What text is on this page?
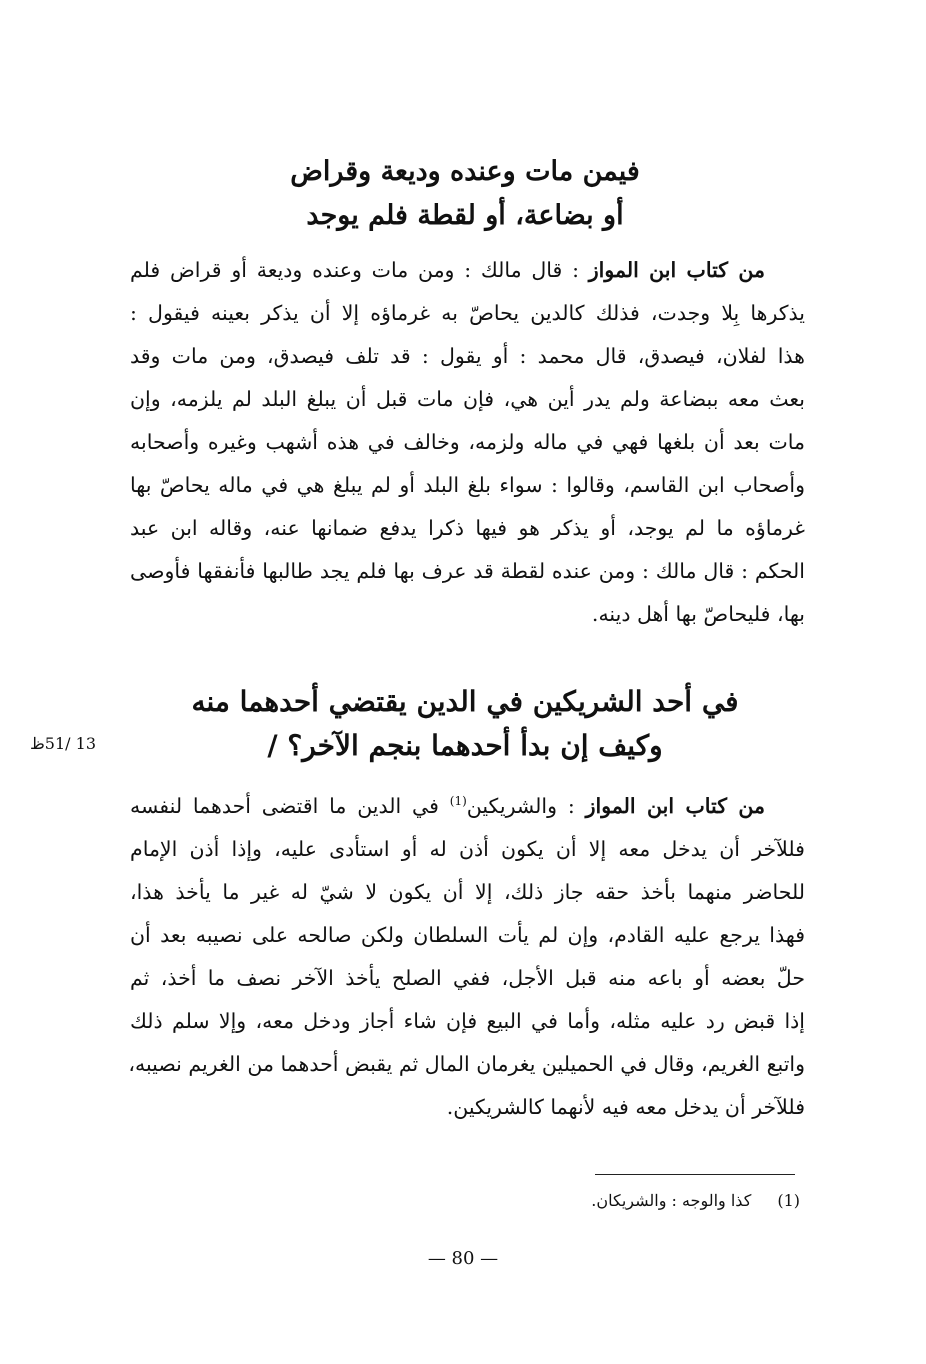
فيمن مات وعنده وديعة وقراض
أو بضاعة، أو لقطة فلم يوجد
من كتاب ابن المواز : قال مالك : ومن مات وعنده وديعة أو قراض فلم
يذكرها بِلا وجدت، فذلك كالدين يحاصّ به غرماؤه إلا أن يذكر بعينه فيقول :
هذا لفلان، فيصدق، قال محمد : أو يقول : قد تلف فيصدق، ومن مات وقد
بعث معه ببضاعة ولم يدر أين هي، فإن مات قبل أن يبلغ البلد لم يلزمه، وإن
مات بعد أن بلغها فهي في ماله ولزمه، وخالف في هذه أشهب وغيره وأصحابه
وأصحاب ابن القاسم، وقالوا : سواء بلغ البلد أو لم يبلغ هي في ماله يحاصّ بها
غرماؤه ما لم يوجد، أو يذكر هو فيها ذكرا يدفع ضمانها عنه، وقاله ابن عبد
الحكم : قال مالك : ومن عنده لقطة قد عرف بها فلم يجد طالبها فأنفقها فأوصى
بها، فليحاصّ بها أهل دينه.
13 /51ظ
في أحد الشريكين في الدين يقتضي أحدهما منه
وكيف إن بدأ أحدهما بنجم الآخر؟ /
من كتاب ابن المواز : والشريكين$^{(1)}$ في الدين ما اقتضى أحدهما لنفسه
فللآخر أن يدخل معه إلا أن يكون أذن له أو استأدى عليه، وإذا أذن الإمام
للحاضر منهما بأخذ حقه جاز ذلك، إلا أن يكون لا شيّ له غير ما يأخذ هذا،
فهذا يرجع عليه القادم، وإن لم يأت السلطان ولكن صالحه على نصيبه بعد أن
حلّ بعضه أو باعه منه قبل الأجل، ففي الصلح يأخذ الآخر نصف ما أخذ، ثم
إذا قبض رد عليه مثله، وأما في البيع فإن شاء أجاز ودخل معه، وإلا سلم ذلك
واتبع الغريم، وقال في الحميلين يغرمان المال ثم يقبض أحدهما من الغريم نصيبه،
فللآخر أن يدخل معه فيه لأنهما كالشريكين.
(1)كذا والوجه : والشريكان.
— 80 —
